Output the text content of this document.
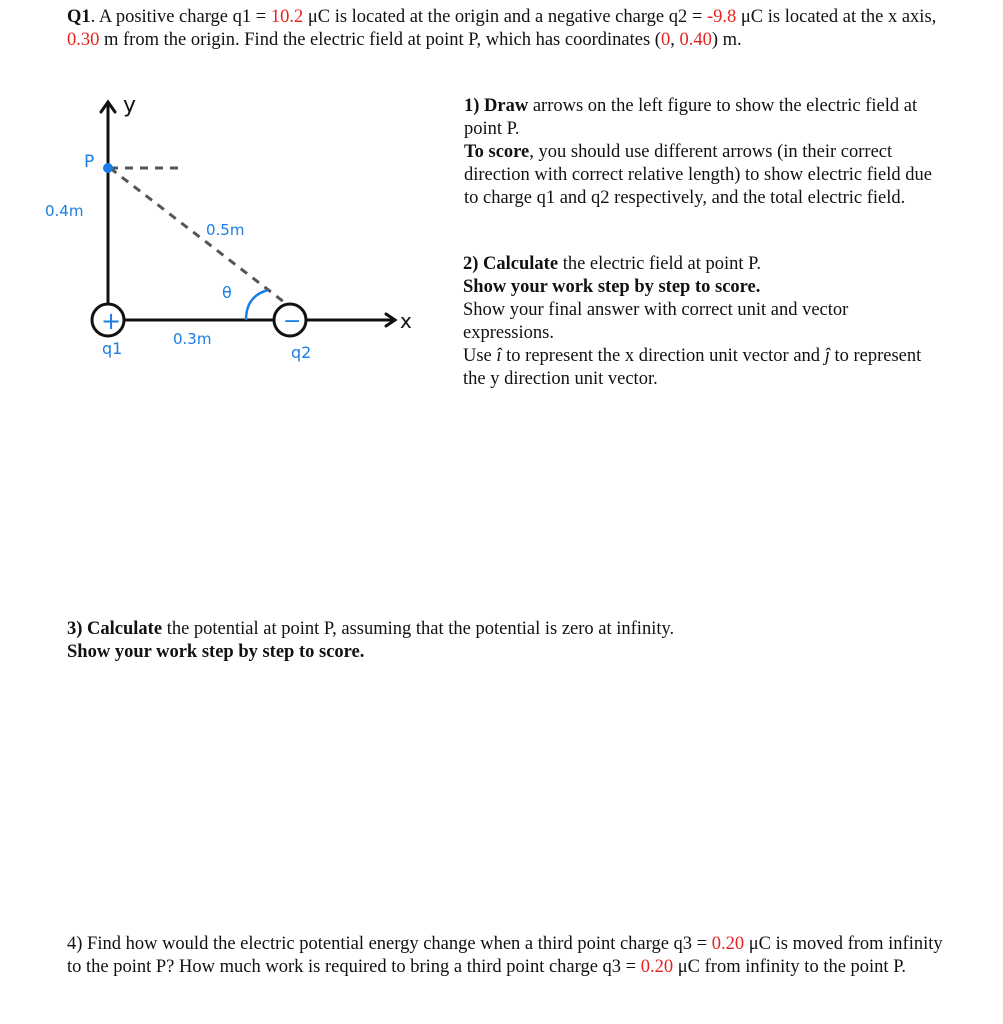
Q1. A positive charge q1 = 10.2 μC is located at the origin and a negative charge q2 = -9.8 μC is located at the x axis, 0.30 m from the origin. Find the electric field at point P, which has coordinates (0, 0.40) m.
+	−
y
x
P
0.4m
0.5m
θ
0.3m
q1	q2
1) Draw arrows on the left figure to show the electric field at point P.
To score, you should use different arrows (in their correct direction with correct relative length) to show electric field due to charge q1 and q2 respectively, and the total electric field.
2) Calculate the electric field at point P.
Show your work step by step to score.
Show your final answer with correct unit and vector expressions.
Use î to represent the x direction unit vector and ĵ to represent the y direction unit vector.
3) Calculate the potential at point P, assuming that the potential is zero at infinity.
Show your work step by step to score.
4) Find how would the electric potential energy change when a third point charge q3 = 0.20 μC is moved from infinity to the point P? How much work is required to bring a third point charge q3 = 0.20 μC from infinity to the point P.
